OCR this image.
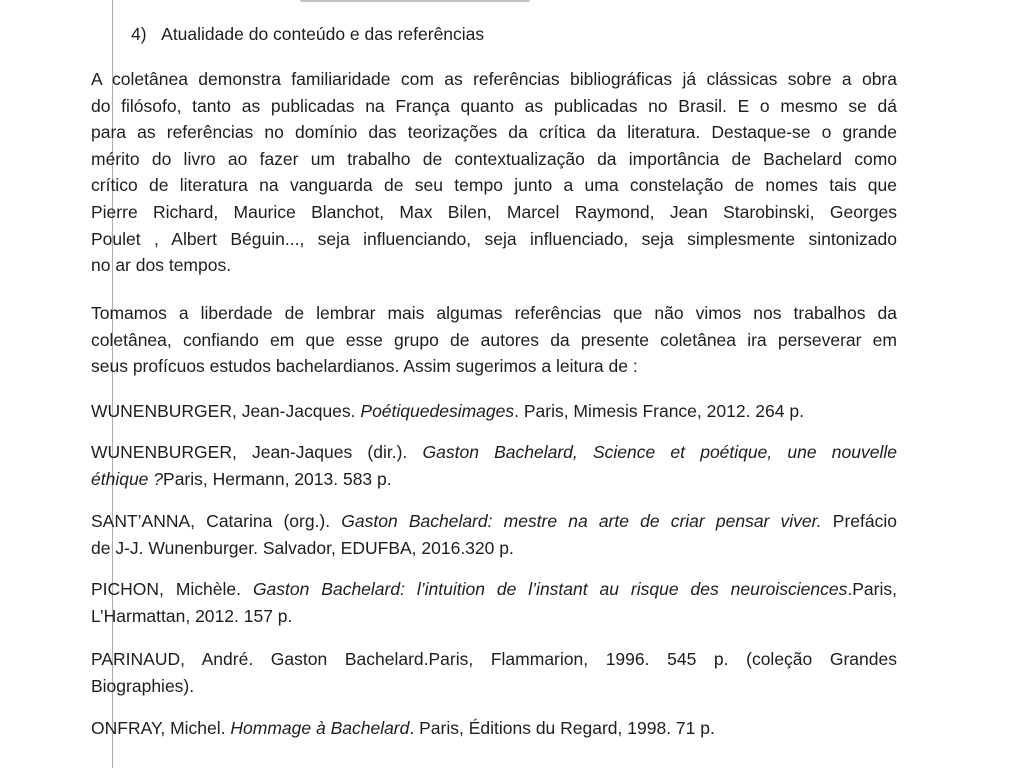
4)   Atualidade do conteúdo e das referências
A coletânea demonstra familiaridade com as referências bibliográficas já clássicas sobre a obra
do filósofo, tanto as publicadas na França quanto as publicadas no Brasil. E o mesmo se dá
para as referências no domínio das teorizações da crítica da literatura. Destaque-se o grande
mérito do livro ao fazer um trabalho de contextualização da importância de Bachelard como
crítico de literatura na vanguarda de seu tempo junto a uma constelação de nomes tais que
Pierre Richard, Maurice Blanchot, Max Bilen, Marcel Raymond, Jean Starobinski, Georges
Poulet , Albert Béguin..., seja influenciando, seja influenciado, seja simplesmente sintonizado
no ar dos tempos.
Tomamos a liberdade de lembrar mais algumas referências que não vimos nos trabalhos da
coletânea, confiando em que esse grupo de autores da presente coletânea ira perseverar em
seus profícuos estudos bachelardianos. Assim sugerimos a leitura de :
WUNENBURGER, Jean-Jacques. Poétiquedesimages. Paris, Mimesis France, 2012. 264 p.
WUNENBURGER, Jean-Jaques (dir.). Gaston Bachelard, Science et poétique, une nouvelle
éthique ?Paris, Hermann, 2013. 583 p.
SANT’ANNA, Catarina (org.). Gaston Bachelard: mestre na arte de criar pensar viver. Prefácio
de J-J. Wunenburger. Salvador, EDUFBA, 2016.320 p.
PICHON, Michèle. Gaston Bachelard: l’intuition de l’instant au risque des neuroisciences.Paris,
L’Harmattan, 2012. 157 p.
PARINAUD, André. Gaston Bachelard.Paris, Flammarion, 1996. 545 p. (coleção Grandes
Biographies).
ONFRAY, Michel. Hommage à Bachelard. Paris, Éditions du Regard, 1998. 71 p.
